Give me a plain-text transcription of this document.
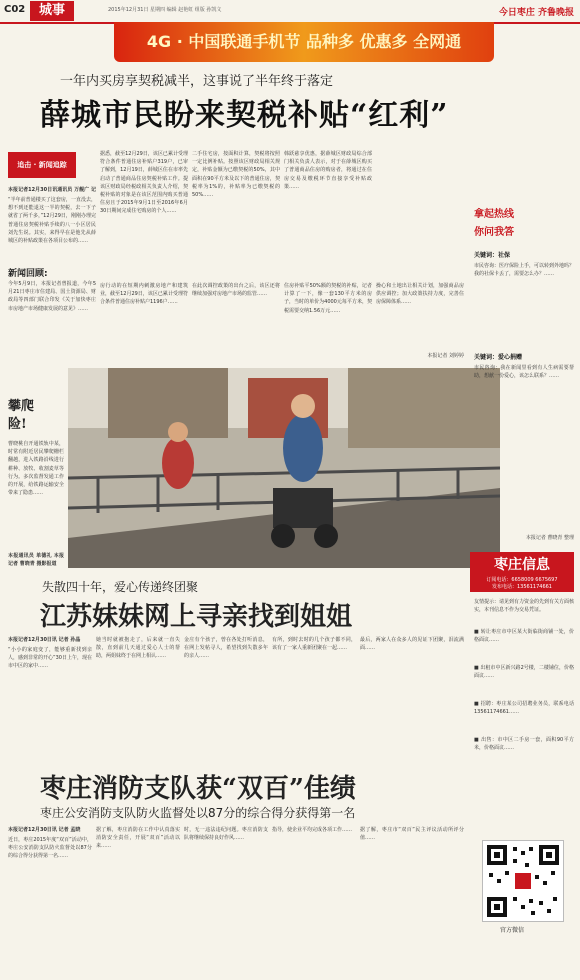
C02	城事	2015年12月31日 星期四 编辑 赵艳虹 组版 孙凯文	今日枣庄 齐鲁晚报
4G · 中国联通手机节 品种多 优惠多 全网通
一年内买房享契税减半，这事说了半年终于落定
薛城市民盼来契税补贴“红利”
追击 · 新闻追踪
本报记者12月30日讯通讯员 万舰广 记
“半年前普通楼买了这套房，一直没去，想不到还能退这一半的契税，去一下子就省了两千多，”12月29日，刚刚办理完普通住房契税补贴手续的八一小区居民刘先生说。其实，来得早在是他先从薛城区的补贴政策在各项目公布的……
据悉，截至12月29日，该区已累计受理符合条件普通住房补贴户319户，已审了解到，12月19日，薛城区住在市率先启动了普通商品住房契税补贴工作。提该区财政局经税政相关负责人介绍，契税补贴的对象是在该区范围内购买普通住房且于2015年9月1日至2016年6月30日期间完成住宅购房的个人……
二手住宅房，按面积计算，契税将按照一定比例补贴。按照该区财政局相关规定，补贴金额为已缴契税的50%，其中面积在90平方米及以下的普通住房，契税率为1%的，补贴率为已缴契税的50%……
韩跃慈享优惠，据薛城区财政局综合部门相关负责人表示，对于在薛城区购买了普通商品住房的购房者，将通过在住房交易及缴税环节直接享受补贴政策……
新闻回顾:
今年5月9日，本报记者曾报道，今年5月21日枣庄市住建局、国土资源局、财政局等四部门联合印发《关于加快枣庄市房地产市场健康发展的意见》……
房行动的在短期内刺激房地产和建筑业，截至12月29日，该区已累计受理符合条件普通住房补贴户1196户……
在此次调控政策的出台之后，该区还将继续加强对房地产市场的监管……
住房补贴平50%额的契税的补贴，记者计算了一下，像一套130平方米的房子，当时的单价为4000元每平方米，契税需要交纳1.56万元……
操心和土地出让相关计划，加强商品房供应调控；加大政策扶持力度，完善住房保障体系……
本报记者 刘婷婷
攀爬
险!
曹晓桃自开通铁轨中某，时常有附近居民攀爬栅栏翻越，进入铁路沿线进行耕种、放牧、收割麦草等行为。多次监督发通工作的开展，给铁路运输安全带来了隐患……
本报通讯员 单德礼 本报记者 曹晓青 摄影报道
拿起热线
你问我答
关键词：社保
市民咨询：医疗保险上手，可以转到外地吗？我的社保卡丢了，需要怎么办？……
关键词：爱心捐赠
市民咨询：我在新闻里看到有人生病需要帮助，想献一份爱心，该怎么联系？……
本报记者 曹晓青 整理
枣庄信息
订阅电话：6658009 6675697
发布电话：13561174661
友情提示：请见到有力资金的先到有关方面核实，本刊信息不作为交易凭证。
■ 转让枣庄市中区某大街临街商铺一处，价格面议……
■ 出租市中区新兴路2号楼，二楼铺位，价格面议……
■ 招聘：枣庄某公司招聘业务员，联系电话13561174661……
■ 出售：市中区二手房一套，面积90平方米，价格面议……
失散四十年，爱心传递终团聚
江苏妹妹网上寻亲找到姐姐
本报记者12月30日讯 记者 孙晶
“小小的家庭变了，能够重新找到亲人，感到非常的开心”30日上午，现在市中区的家中……
她当时就被抱走了，后来就一直失散，直到前几天通过爱心人士的帮助，两姐妹终于在网上相认……
金庄有个孩子，曾在各处打听消息，在网上发帖寻人，希望找到失散多年的亲人……
有所，到时去时的几个孩子都不同，该有了一家人重新团聚在一起……
最后，两家人在众多人的见证下团聚，泪流满面……
枣庄消防支队获“双百”佳绩
枣庄公安消防支队防火监督处以87分的综合得分获得第一名
本报记者12月30日讯 记者 孟晓
近日，枣庄2015年度“双百”活动中，枣庄公安消防支队防火监督处以87分的综合得分获得第一名……
据了解，枣庄消防在工作中认真落实消防安全责任，开展“双百”活动以来……
时，无一违法违纪问题。枣庄消防支队将继续保持良好作风……
指导，使企业平均完成各项工作……	据了解，枣庄市“双百”民主评议活动所评分值……
官方微信
